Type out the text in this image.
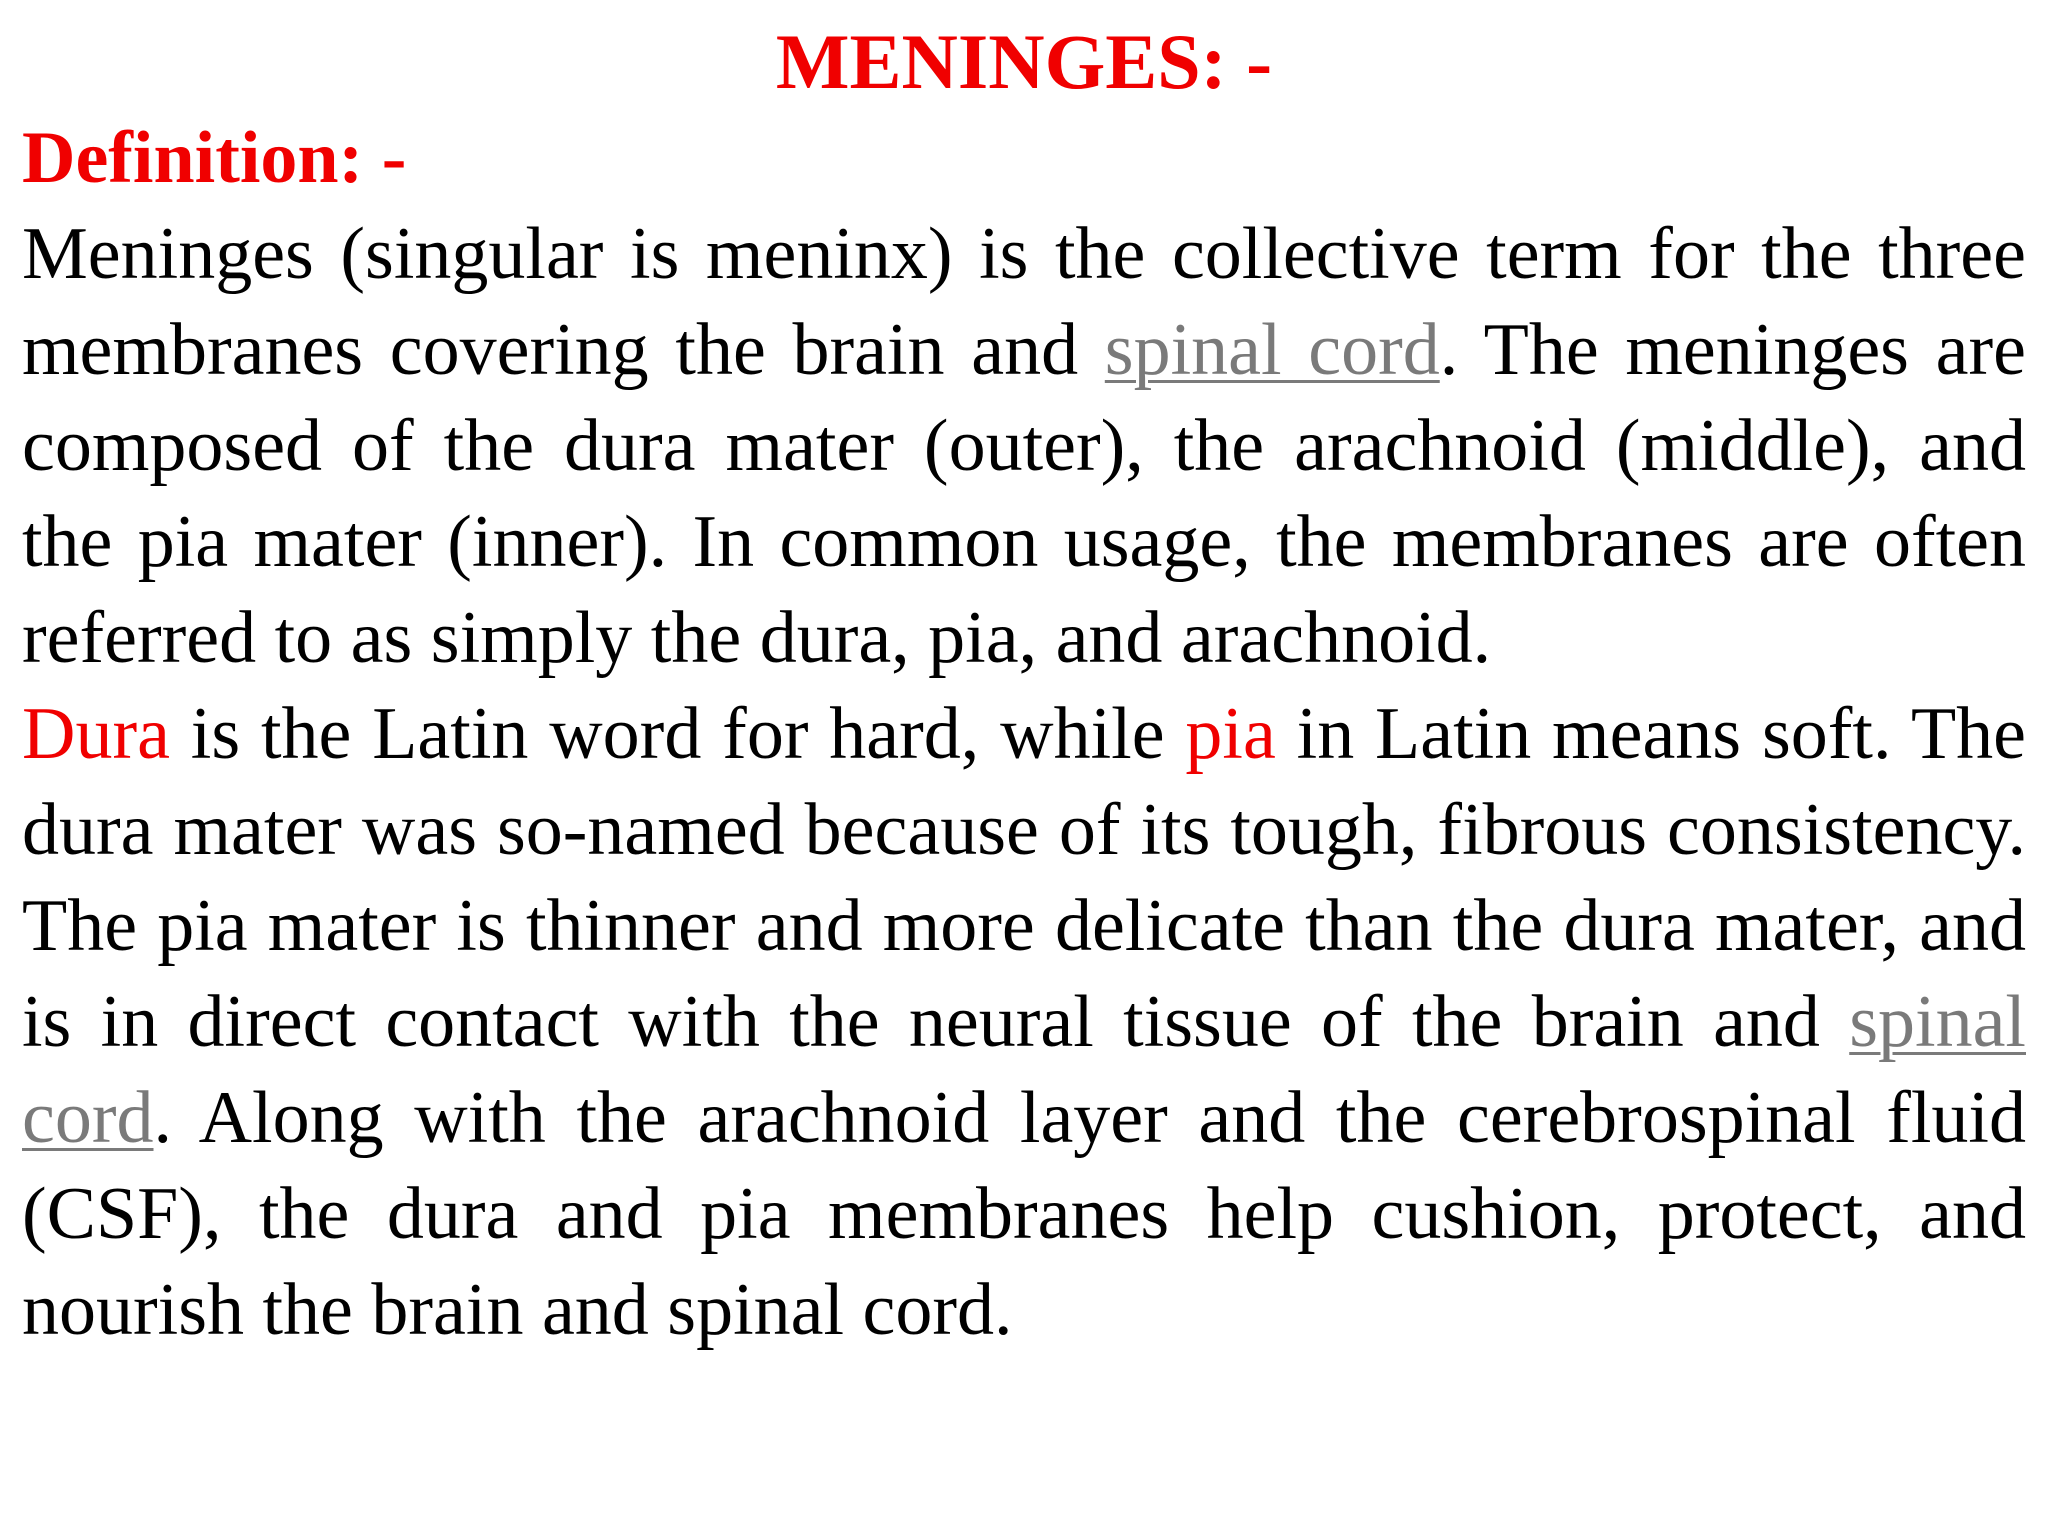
MENINGES: -
Definition: -

Meninges (singular is meninx) is the collective term for the three membranes covering the brain and spinal cord. The meninges are composed of the dura mater (outer), the arachnoid (middle), and the pia mater (inner). In common usage, the membranes are often referred to as simply the dura, pia, and arachnoid.

Dura is the Latin word for hard, while pia in Latin means soft. The dura mater was so-named because of its tough, fibrous consistency. The pia mater is thinner and more delicate than the dura mater, and is in direct contact with the neural tissue of the brain and spinal cord. Along with the arachnoid layer and the cerebrospinal fluid (CSF), the dura and pia membranes help cushion, protect, and nourish the brain and spinal cord.
